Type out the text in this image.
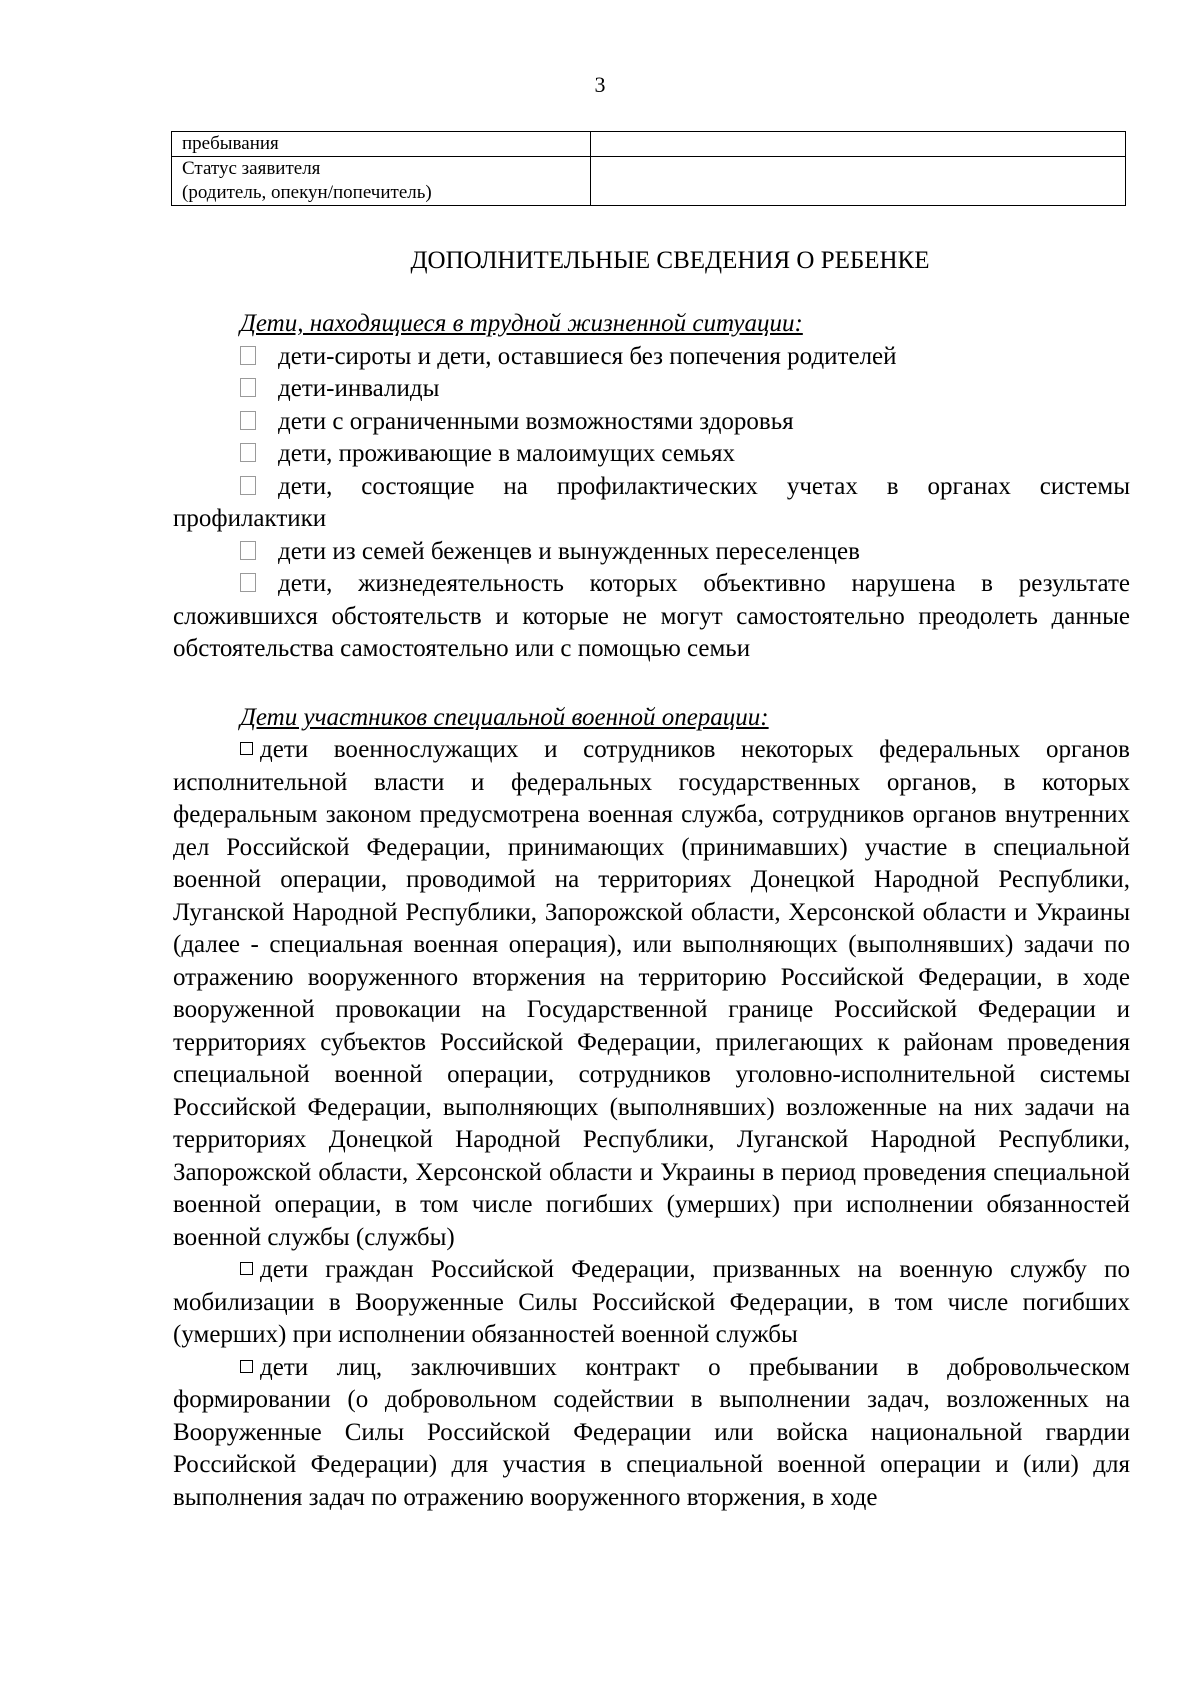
3
пребывания	

Статус заявителя
(родитель, опекун/попечитель)	

ДОПОЛНИТЕЛЬНЫЕ СВЕДЕНИЯ О РЕБЕНКЕ

Дети, находящиеся в трудной жизненной ситуации:

дети-сироты и дети, оставшиеся без попечения родителей

дети-инвалиды

дети с ограниченными возможностями здоровья

дети, проживающие в малоимущих семьях

дети, состоящие на профилактических учетах в органах системы профилактики

дети из семей беженцев и вынужденных переселенцев

дети, жизнедеятельность которых объективно нарушена в результате сложившихся обстоятельств и которые не могут самостоятельно преодолеть данные обстоятельства самостоятельно или с помощью семьи

Дети участников специальной военной операции:

дети военнослужащих и сотрудников некоторых федеральных органов исполнительной власти и федеральных государственных органов, в которых федеральным законом предусмотрена военная служба, сотрудников органов внутренних дел Российской Федерации, принимающих (принимавших) участие в специальной военной операции, проводимой на территориях Донецкой Народной Республики, Луганской Народной Республики, Запорожской области, Херсонской области и Украины (далее - специальная военная операция), или выполняющих (выполнявших) задачи по отражению вооруженного вторжения на территорию Российской Федерации, в ходе вооруженной провокации на Государственной границе Российской Федерации и территориях субъектов Российской Федерации, прилегающих к районам проведения специальной военной операции, сотрудников уголовно-исполнительной системы Российской Федерации, выполняющих (выполнявших) возложенные на них задачи на территориях Донецкой Народной Республики, Луганской Народной Республики, Запорожской области, Херсонской области и Украины в период проведения специальной военной операции, в том числе погибших (умерших) при исполнении обязанностей военной службы (службы)

дети граждан Российской Федерации, призванных на военную службу по мобилизации в Вооруженные Силы Российской Федерации, в том числе погибших (умерших) при исполнении обязанностей военной службы

дети лиц, заключивших контракт о пребывании в добровольческом формировании (о добровольном содействии в выполнении задач, возложенных на Вооруженные Силы Российской Федерации или войска национальной гвардии Российской Федерации) для участия в специальной военной операции и (или) для выполнения задач по отражению вооруженного вторжения, в ходе
